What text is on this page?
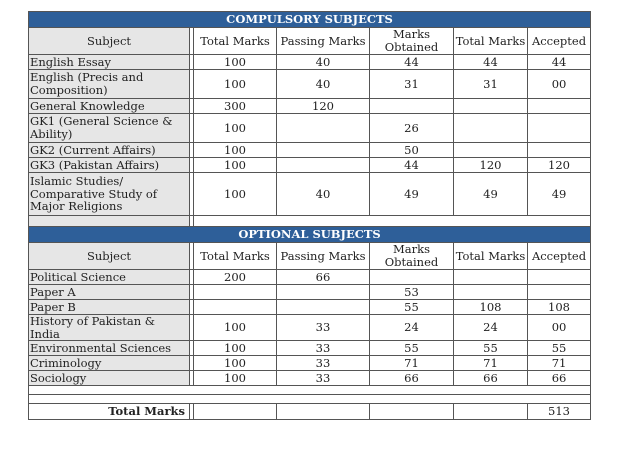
COMPULSORY SUBJECTS						
Subject		Total Marks	Passing Marks	Marks Obtained	Total Marks	Accepted
English Essay		100	40	44	44	44
English (Precis and Composition)		100	40	31	31	00
General Knowledge		300	120			
GK1 (General Science & Ability)		100		26		
GK2 (Current Affairs)		100		50		
GK3 (Pakistan Affairs)		100		44	120	120
Islamic Studies/ Comparative Study of Major Religions		100	40	49	49	49

OPTIONAL SUBJECTS						
Subject		Total Marks	Passing Marks	Marks Obtained	Total Marks	Accepted
Political Science		200	66			
Paper A				53		
Paper B				55	108	108
History of Pakistan & India		100	33	24	24	00
Environmental Sciences		100	33	55	55	55
Criminology		100	33	71	71	71
Sociology		100	33	66	66	66

Total Marks						513
